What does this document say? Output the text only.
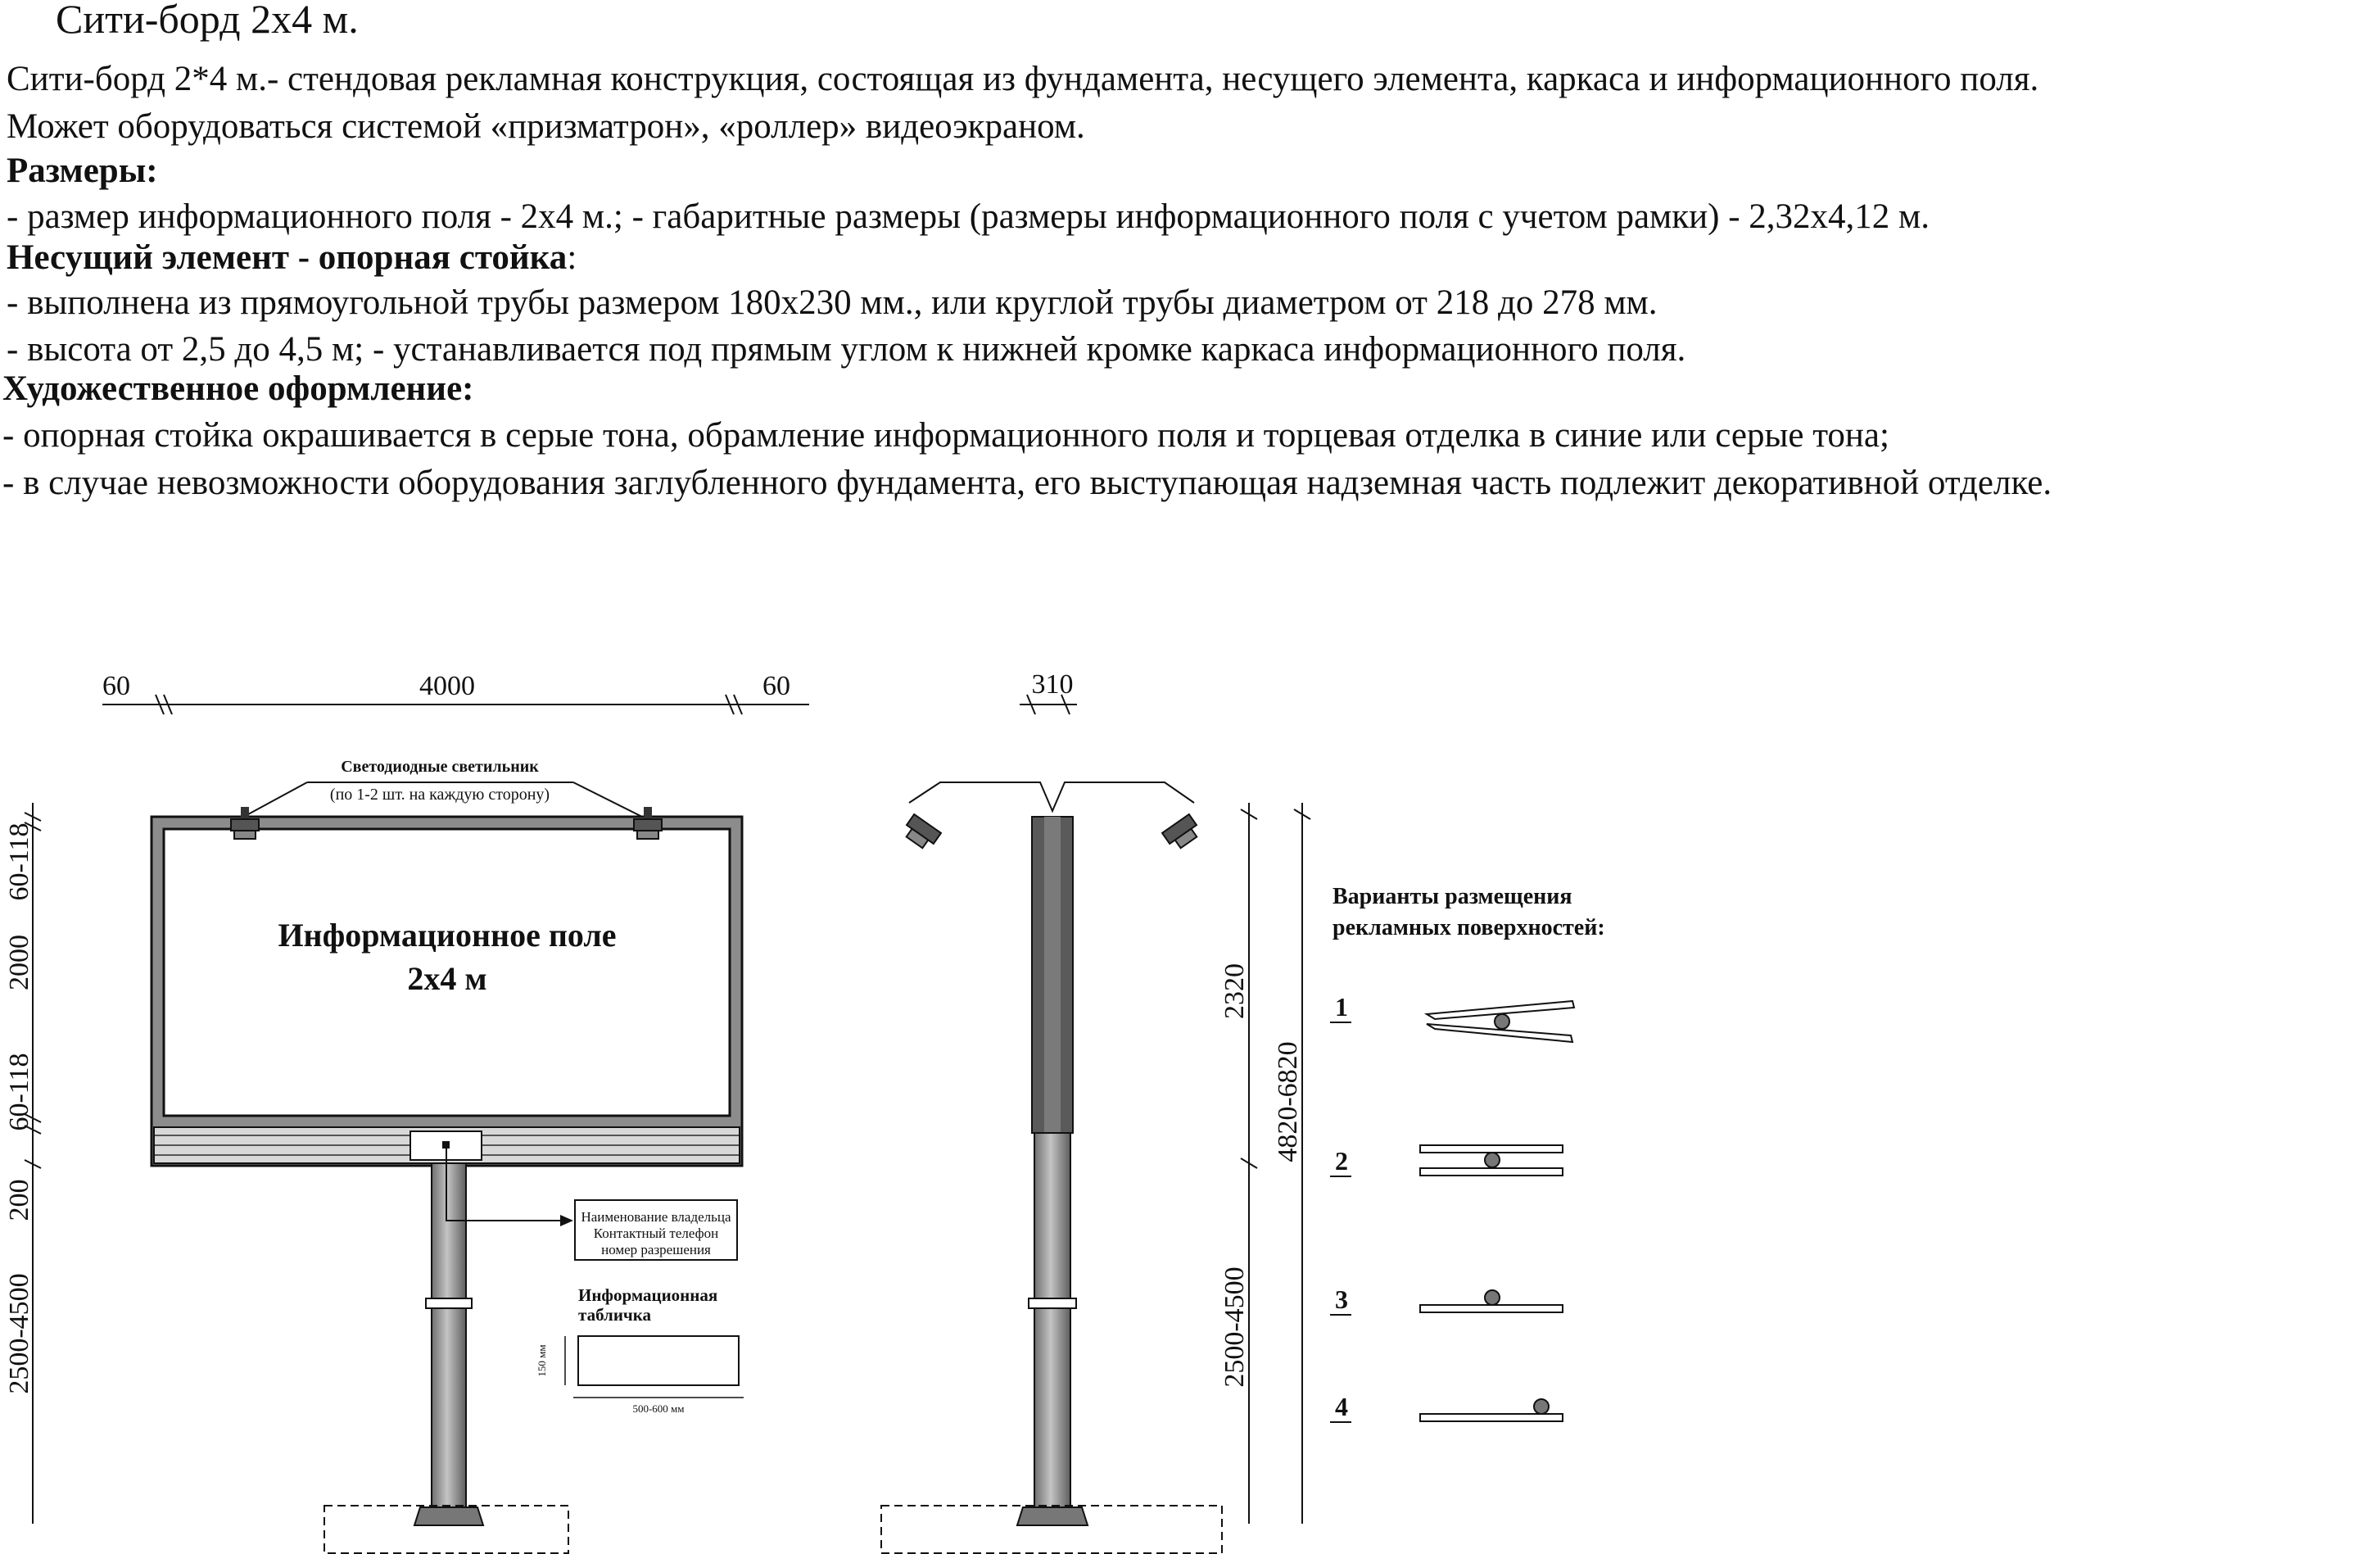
Сити-борд 2х4 м.
Сити-борд 2*4 м.- стендовая рекламная конструкция, состоящая из фундамента, несущего элемента, каркаса и информационного поля.
Может оборудоваться системой «призматрон», «роллер» видеоэкраном.
Размеры:
- размер информационного поля - 2х4 м.; - габаритные размеры (размеры информационного поля с учетом рамки) - 2,32х4,12 м.
Несущий элемент - опорная стойка:
- выполнена из прямоугольной трубы размером 180х230 мм., или круглой трубы диаметром от 218 до 278 мм.
- высота от 2,5 до 4,5 м; - устанавливается под прямым углом к нижней кромке каркаса информационного поля.
Художественное оформление:
- опорная стойка окрашивается в серые тона, обрамление информационного поля и торцевая отделка в синие или серые тона;
- в случае невозможности оборудования заглубленного фундамента, его выступающая надземная часть подлежит декоративной отделке.
60	4000	60
Светодиодные светильник
(по 1-2 шт. на каждую сторону)
Информационное поле
2х4 м
Наименование владельца
Контактный телефон
номер разрешения
Информационная
табличка
150 мм
500-600 мм
60-118
2000
60-118
200
2500-4500
310
2320
4820-6820
2500-4500
Варианты размещения
рекламных поверхностей:
1
2
3
4
